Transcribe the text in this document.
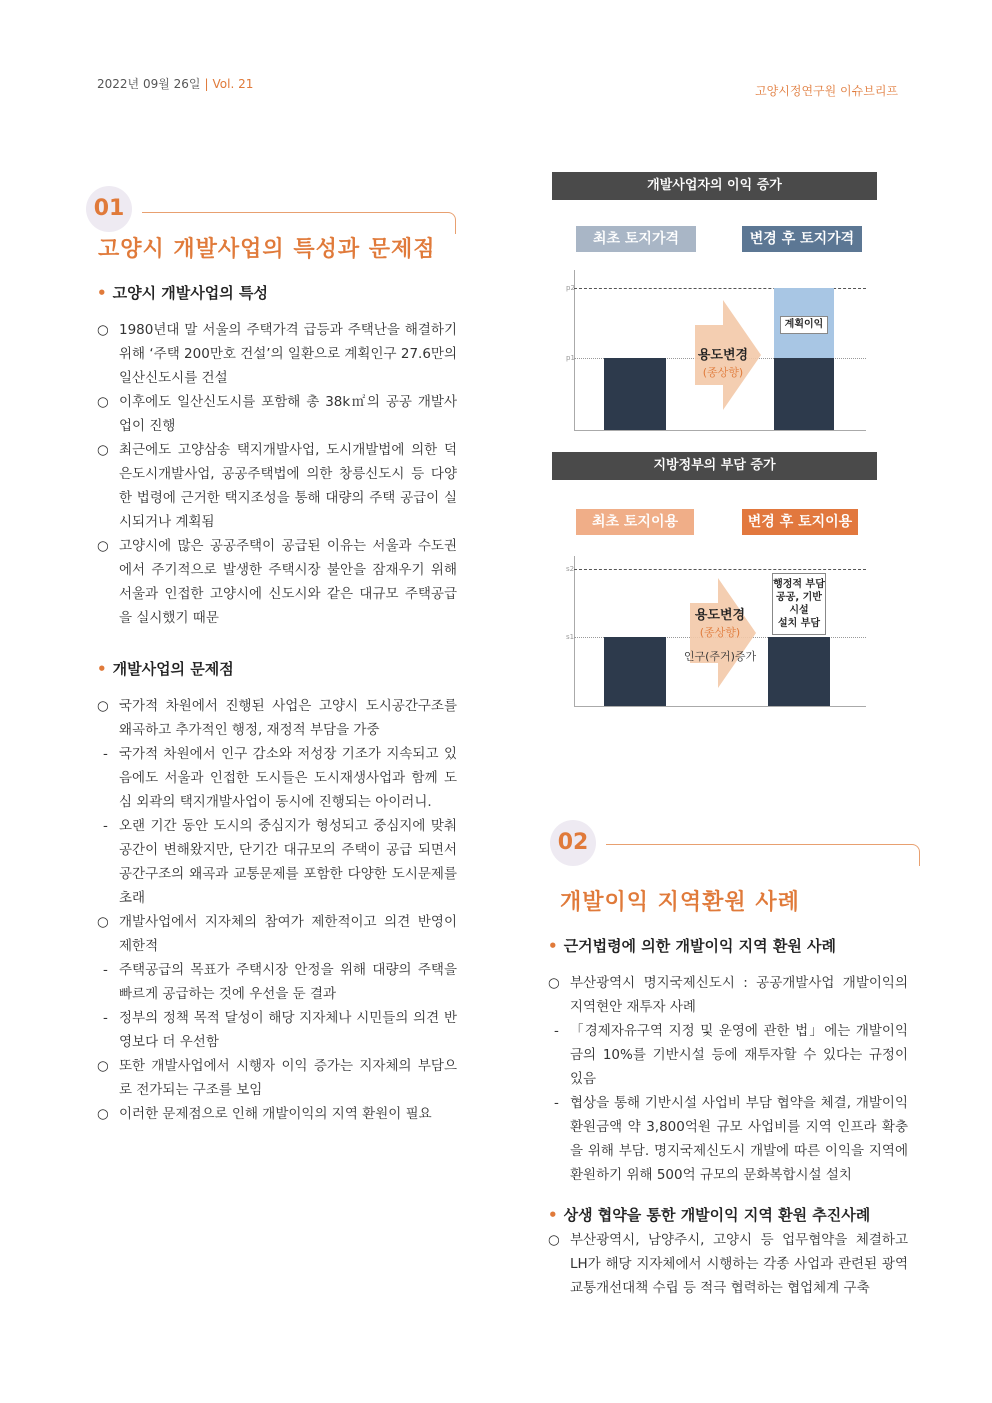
2022년 09월 26일 | Vol. 21	고양시정연구원 이슈브리프
01
고양시 개발사업의 특성과 문제점
• 고양시 개발사업의 특성
○ 1980년대 말 서울의 주택가격 급등과 주택난을 해결하기 위해 ‘주택 200만호 건설’의 일환으로 계획인구 27.6만의 일산신도시를 건설
○ 이후에도 일산신도시를 포함해 총 38k㎡의 공공 개발사업이 진행
○ 최근에도 고양삼송 택지개발사업, 도시개발법에 의한 덕은도시개발사업, 공공주택법에 의한 창릉신도시 등 다양한 법령에 근거한 택지조성을 통해 대량의 주택 공급이 실시되거나 계획됨
○ 고양시에 많은 공공주택이 공급된 이유는 서울과 수도권에서 주기적으로 발생한 주택시장 불안을 잠재우기 위해 서울과 인접한 고양시에 신도시와 같은 대규모 주택공급을 실시했기 때문
• 개발사업의 문제점
○ 국가적 차원에서 진행된 사업은 고양시 도시공간구조를 왜곡하고 추가적인 행정, 재정적 부담을 가중
- 국가적 차원에서 인구 감소와 저성장 기조가 지속되고 있음에도 서울과 인접한 도시들은 도시재생사업과 함께 도심 외곽의 택지개발사업이 동시에 진행되는 아이러니.
- 오랜 기간 동안 도시의 중심지가 형성되고 중심지에 맞춰 공간이 변해왔지만, 단기간 대규모의 주택이 공급 되면서 공간구조의 왜곡과 교통문제를 포함한 다양한 도시문제를 초래
○ 개발사업에서 지자체의 참여가 제한적이고 의견 반영이 제한적
- 주택공급의 목표가 주택시장 안정을 위해 대량의 주택을 빠르게 공급하는 것에 우선을 둔 결과
- 정부의 정책 목적 달성이 해당 지자체나 시민들의 의견 반영보다 더 우선함
○ 또한 개발사업에서 시행자 이익 증가는 지자체의 부담으로 전가되는 구조를 보임
○ 이러한 문제점으로 인해 개발이익의 지역 환원이 필요
개발사업자의 이익 증가
최초 토지가격	변경 후 토지가격
p2
p1
계획이익
용도변경
(종상향)
지방정부의 부담 증가
최초 토지이용	변경 후 토지이용
s2
s1
행정적 부담
공공, 기반
시설
설치 부담
용도변경
(종상향)
인구(주거)증가
02
개발이익 지역환원 사례
• 근거법령에 의한 개발이익 지역 환원 사례
○ 부산광역시 명지국제신도시 : 공공개발사업 개발이익의 지역현안 재투자 사례
- 「경제자유구역 지정 및 운영에 관한 법」에는 개발이익금의 10%를 기반시설 등에 재투자할 수 있다는 규정이 있음
- 협상을 통해 기반시설 사업비 부담 협약을 체결, 개발이익 환원금액 약 3,800억원 규모 사업비를 지역 인프라 확충을 위해 부담. 명지국제신도시 개발에 따른 이익을 지역에 환원하기 위해 500억 규모의 문화복합시설 설치
• 상생 협약을 통한 개발이익 지역 환원 추진사례
○ 부산광역시, 남양주시, 고양시 등 업무협약을 체결하고 LH가 해당 지자체에서 시행하는 각종 사업과 관련된 광역교통개선대책 수립 등 적극 협력하는 협업체계 구축
